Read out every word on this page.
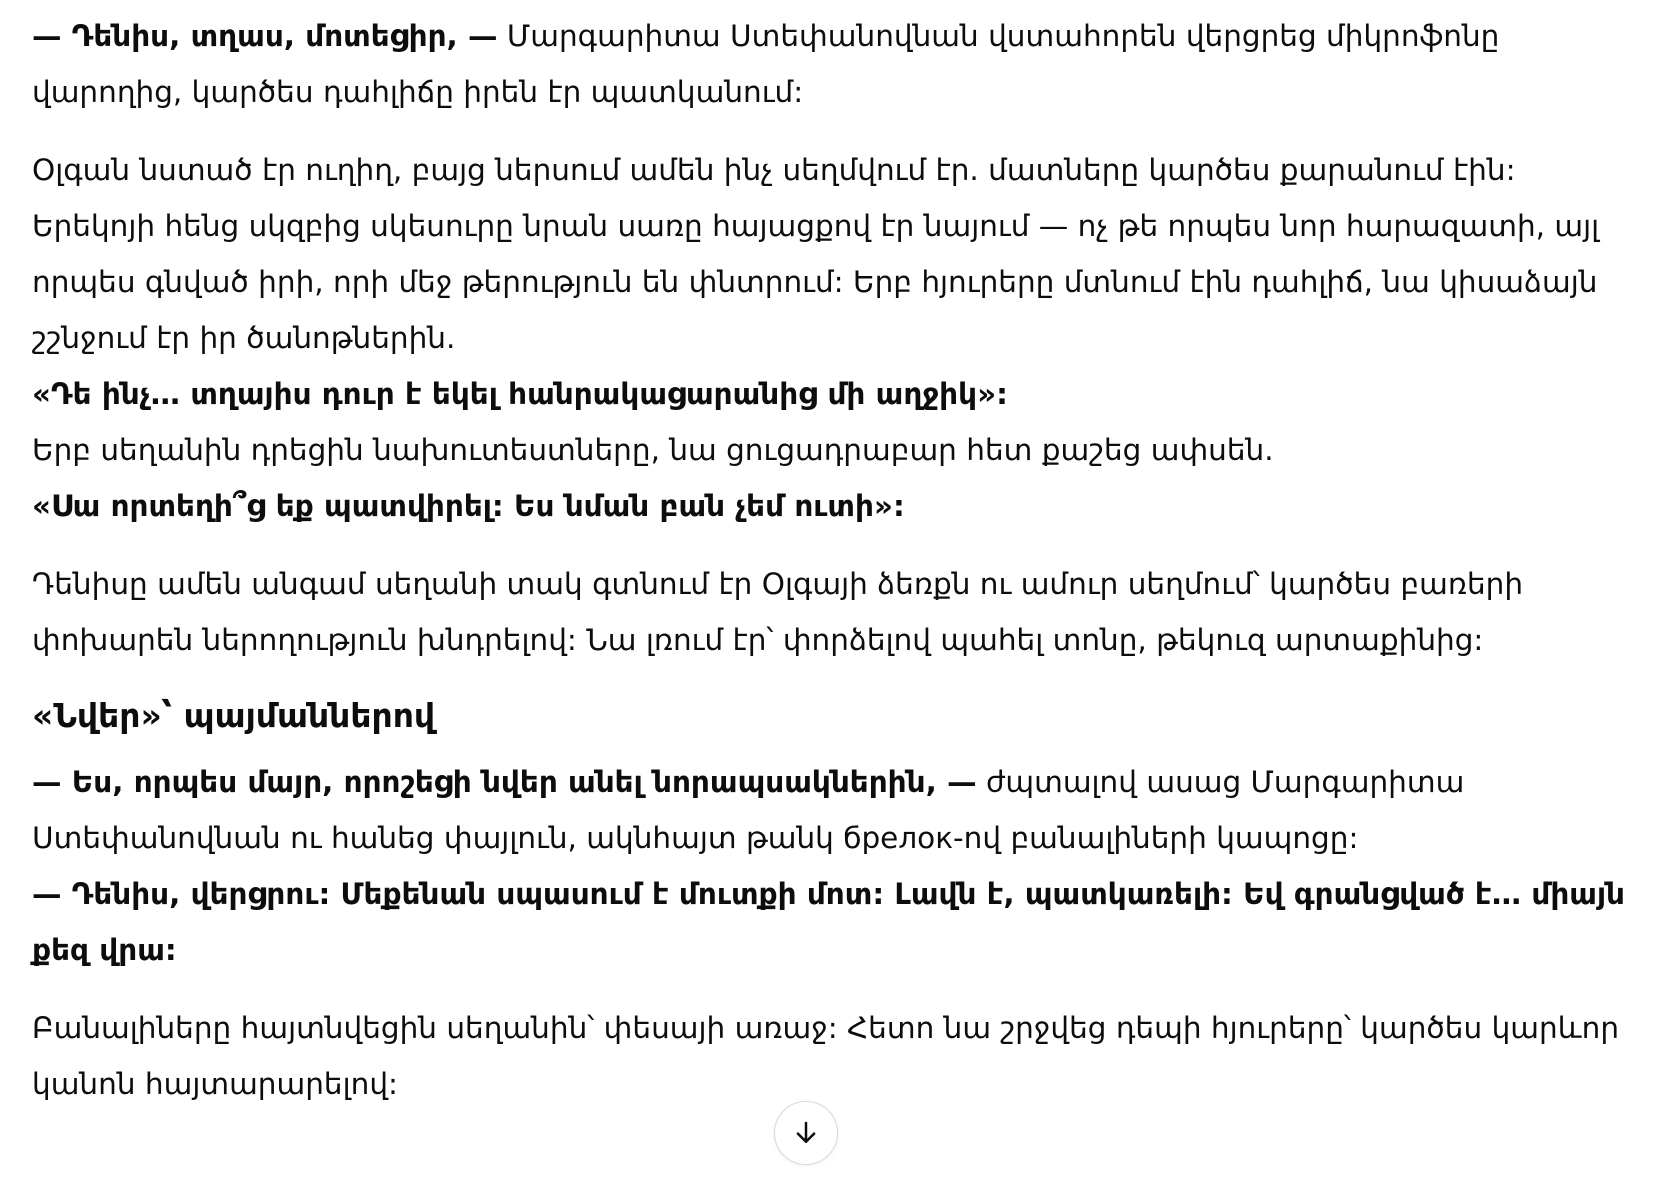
— Դենիս, տղաս, մոտեցիր, — Մարգարիտա Ստեփանովնան վստահորեն վերցրեց միկրոֆոնը վարողից, կարծես դահլիճը իրեն էր պատկանում:

Օլգան նստած էր ուղիղ, բայց ներսում ամեն ինչ սեղմվում էր. մատները կարծես քարանում էին: Երեկոյի հենց սկզբից սկեսուրը նրան սառը հայացքով էր նայում — ոչ թե որպես նոր հարազատի, այլ որպես գնված իրի, որի մեջ թերություն են փնտրում: Երբ հյուրերը մտնում էին դահլիճ, նա կիսաձայն շշնջում էր իր ծանոթներին.

«Դե ինչ… տղայիս դուր է եկել հանրակացարանից մի աղջիկ»:

Երբ սեղանին դրեցին նախուտեստները, նա ցուցադրաբար հետ քաշեց ափսեն.

«Սա որտեղի՞ց եք պատվիրել: Ես նման բան չեմ ուտի»:

Դենիսը ամեն անգամ սեղանի տակ գտնում էր Օլգայի ձեռքն ու ամուր սեղմում՝ կարծես բառերի փոխարեն ներողություն խնդրելով: Նա լռում էր՝ փորձելով պահել տոնը, թեկուզ արտաքինից:

«Նվեր»՝ պայմաններով

— Ես, որպես մայր, որոշեցի նվեր անել նորապսակներին, — ժպտալով ասաց Մարգարիտա Ստեփանովնան ու հանեց փայլուն, ակնհայտ թանկ брелок-ով բանալիների կապոցը:

— Դենիս, վերցրու: Մեքենան սպասում է մուտքի մոտ: Լավն է, պատկառելի: Եվ գրանցված է… միայն քեզ վրա:

Բանալիները հայտնվեցին սեղանին՝ փեսայի առաջ: Հետո նա շրջվեց դեպի հյուրերը՝ կարծես կարևոր կանոն հայտարարելով:
